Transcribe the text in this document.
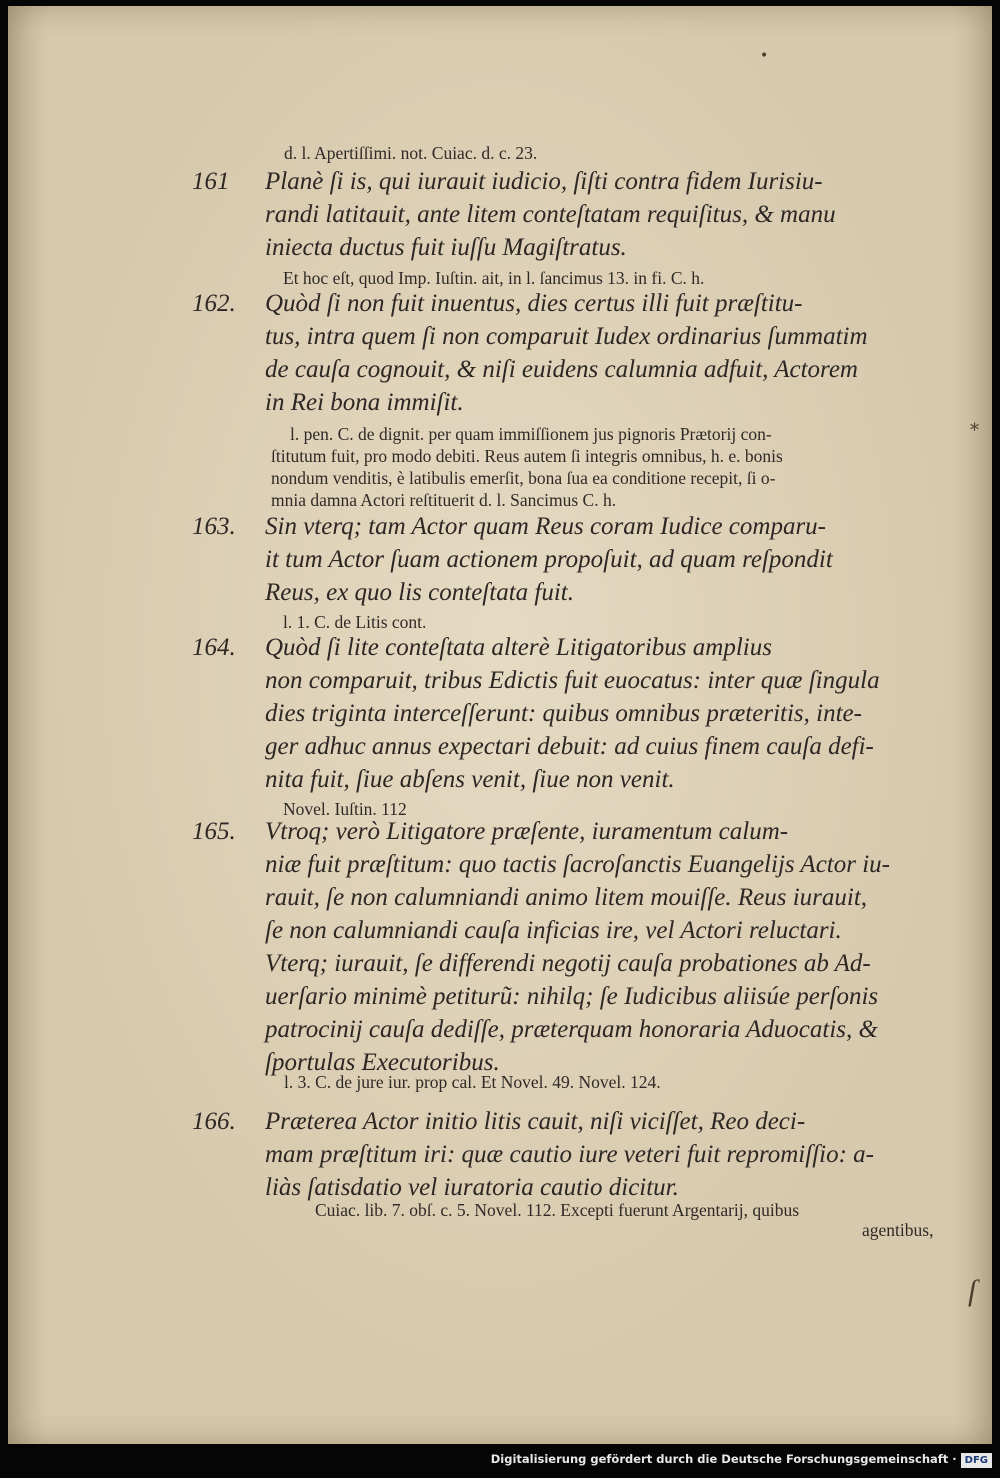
d. l. Apertiſſimi. not. Cuiac. d. c. 23.
161 Planè ſi is, qui iurauit iudicio, ſiſti contra fidem Iurisiu-
randi latitauit, ante litem conteſtatam requiſitus, & manu
iniecta ductus fuit iuſſu Magiſtratus.
Et hoc eſt, quod Imp. Iuſtin. ait, in l. ſancimus 13. in fi. C. h.
162. Quòd ſi non fuit inuentus, dies certus illi fuit præſtitu-
tus, intra quem ſi non comparuit Iudex ordinarius ſummatim
de cauſa cognouit, & niſi euidens calumnia adfuit, Actorem
in Rei bona immiſit.
l. pen. C. de dignit. per quam immiſſionem jus pignoris Prætorij con-
ſtitutum fuit, pro modo debiti. Reus autem ſi integris omnibus, h. e. bonis
nondum venditis, è latibulis emerſit, bona ſua ea conditione recepit, ſi o-
mnia damna Actori reſtituerit d. l. Sancimus C. h.
163. Sin vterq; tam Actor quam Reus coram Iudice comparu-
it tum Actor ſuam actionem propoſuit, ad quam reſpondit
Reus, ex quo lis conteſtata fuit.
l. 1. C. de Litis cont.
164. Quòd ſi lite conteſtata alterè Litigatoribus amplius
non comparuit, tribus Edictis fuit euocatus: inter quæ ſingula
dies triginta interceſſerunt: quibus omnibus præteritis, inte-
ger adhuc annus expectari debuit: ad cuius finem cauſa defi-
nita fuit, ſiue abſens venit, ſiue non venit.
Novel. Iuſtin. 112
165. Vtroq; verò Litigatore præſente, iuramentum calum-
niæ fuit præſtitum: quo tactis ſacroſanctis Euangelijs Actor iu-
rauit, ſe non calumniandi animo litem mouiſſe. Reus iurauit,
ſe non calumniandi cauſa inficias ire, vel Actori reluctari.
Vterq; iurauit, ſe differendi negotij cauſa probationes ab Ad-
uerſario minimè petiturũ: nihilq; ſe Iudicibus aliisúe perſonis
patrocinij cauſa dediſſe, præterquam honoraria Aduocatis, &
ſportulas Executoribus.
l. 3. C. de jure iur. prop cal. Et Novel. 49. Novel. 124.
166. Præterea Actor initio litis cauit, niſi viciſſet, Reo deci-
mam præſtitum iri: quæ cautio iure veteri fuit repromiſſio: a-
liàs ſatisdatio vel iuratoria cautio dicitur.
Cuiac. lib. 7. obſ. c. 5. Novel. 112. Excepti fuerunt Argentarij, quibus
agentibus,
•
*
ſ
Digitalisierung gefördert durch die Deutsche Forschungsgemeinschaft · DFG
